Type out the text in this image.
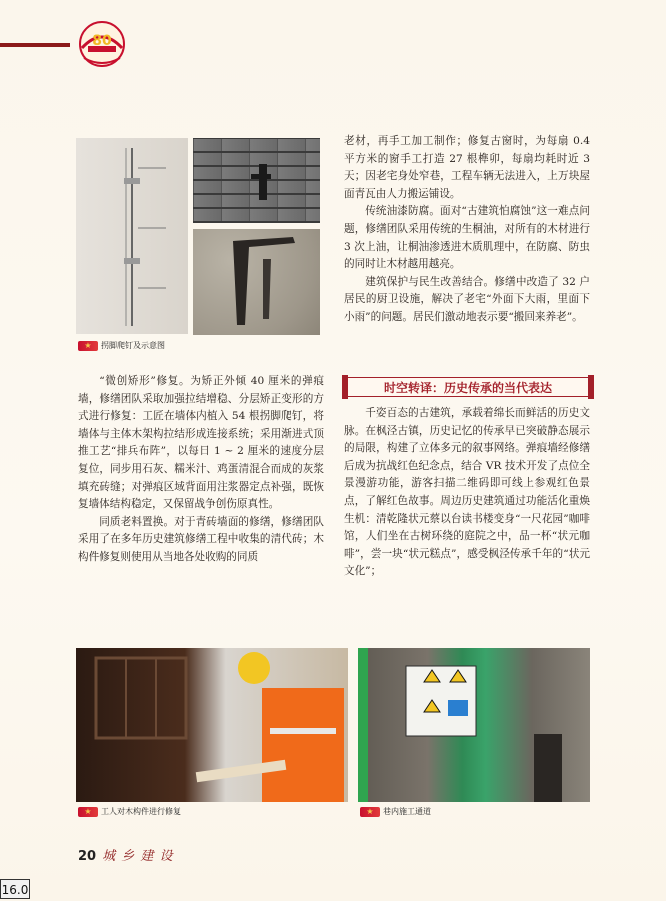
80
★	拐脚爬钉及示意图

老材，再手工加工制作；修复古窗时，为每扇 0.4 平方米的窗手工打造 27 根榫卯，每扇均耗时近 3 天；因老宅身处窄巷，工程车辆无法进入，上万块屋面青瓦由人力搬运铺设。

传统油漆防腐。面对“古建筑怕腐蚀”这一难点问题，修缮团队采用传统的生桐油，对所有的木材进行 3 次上油，让桐油渗透进木质肌理中，在防腐、防虫的同时让木材越用越亮。

建筑保护与民生改善结合。修缮中改造了 32 户居民的厨卫设施，解决了老宅“外面下大雨，里面下小雨”的问题。居民们激动地表示要“搬回来养老”。

时空转译：历史传承的当代表达

千姿百态的古建筑，承载着绵长而鲜活的历史文脉。在枫泾古镇，历史记忆的传承早已突破静态展示的局限，构建了立体多元的叙事网络。弹痕墙经修缮后成为抗战红色纪念点，结合 VR 技术开发了点位全景漫游功能，游客扫描二维码即可线上参观红色景点，了解红色故事。周边历史建筑通过功能活化重焕生机：清乾隆状元蔡以台读书楼变身“一尺花园”咖啡馆，人们坐在古树环绕的庭院之中，品一杯“状元咖啡”，尝一块“状元糕点”，感受枫泾传承千年的“状元文化”；

“微创矫形”修复。为矫正外倾 40 厘米的弹痕墙，修缮团队采取加强拉结增稳、分层矫正变形的方式进行修复：工匠在墙体内植入 54 根拐脚爬钉，将墙体与主体木架构拉结形成连接系统；采用渐进式顶推工艺“排兵布阵”，以每日 1 ~ 2 厘米的速度分层复位，同步用石灰、糯米汁、鸡蛋清混合而成的灰浆填充砖缝；对弹痕区域背面用注浆器定点补强，既恢复墙体结构稳定，又保留战争创伤原真性。

同质老料置换。对于青砖墙面的修缮，修缮团队采用了在多年历史建筑修缮工程中收集的清代砖；木构件修复则使用从当地各处收购的同质

★	工人对木构件进行修复	★	巷内施工通道
20 城 乡 建 设
16.0
